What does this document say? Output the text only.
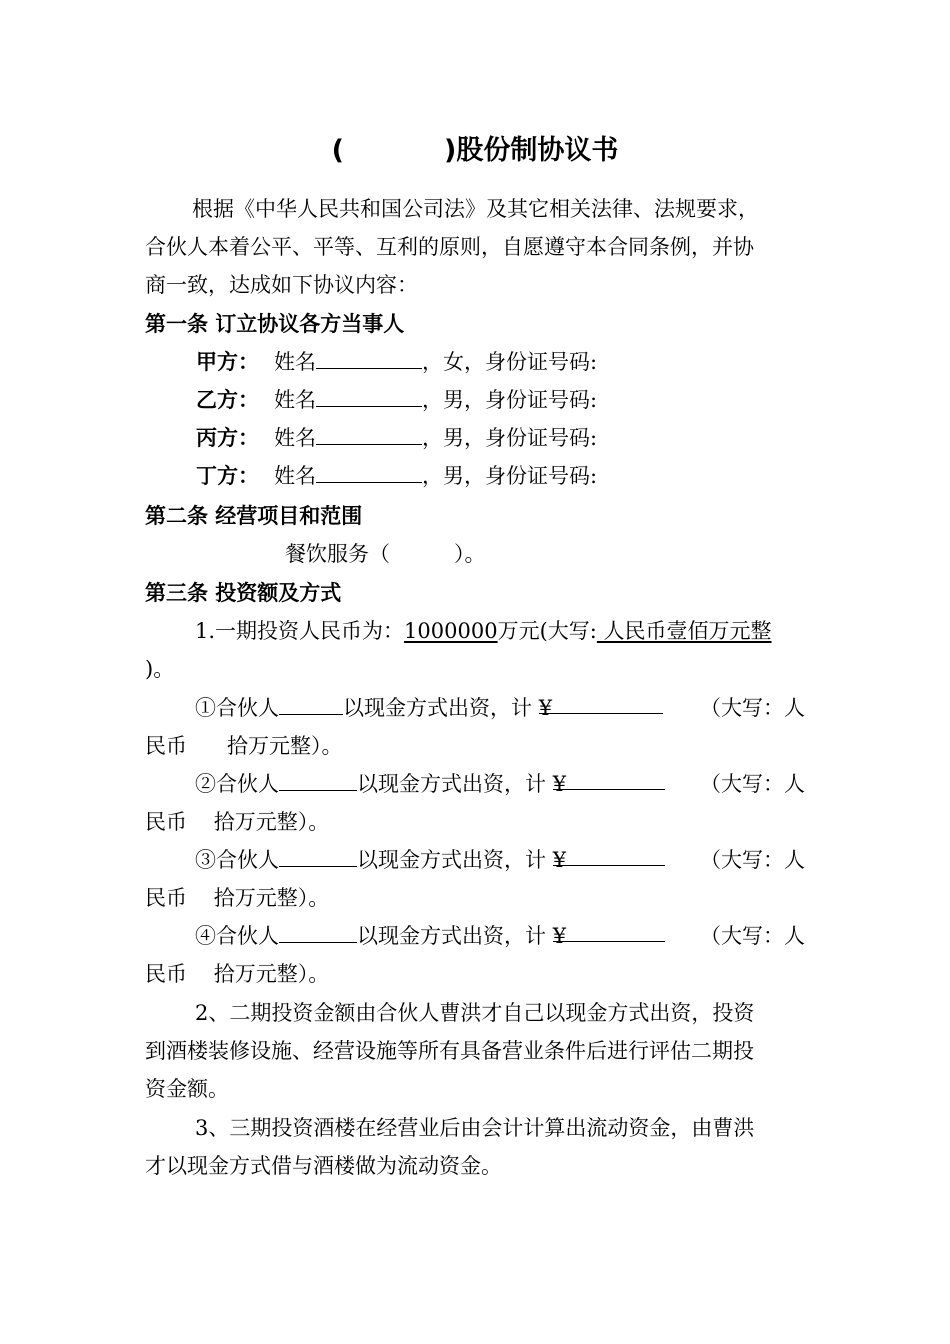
(	)股份制协议书
根据《中华人民共和国公司法》及其它相关法律、法规要求，
合伙人本着公平、平等、互利的原则，自愿遵守本合同条例，并协
商一致，达成如下协议内容：
第一条 订立协议各方当事人
甲方： 姓名	，女，身份证号码:
乙方： 姓名	，男，身份证号码:
丙方： 姓名	，男，身份证号码:
丁方： 姓名	，男，身份证号码:
第二条 经营项目和范围
餐饮服务（	）。
第三条 投资额及方式
1.一期投资人民币为：1000000万元(大写: 人民币壹佰万元整
)。
①合伙人	以现金方式出资，计 ¥	（大写：人
民币      拾万元整）。
②合伙人	以现金方式出资，计 ¥	（大写：人
民币    拾万元整）。
③合伙人	以现金方式出资，计 ¥	（大写：人
民币    拾万元整）。
④合伙人	以现金方式出资，计 ¥	（大写：人
民币    拾万元整）。
2、二期投资金额由合伙人曹洪才自己以现金方式出资，投资
到酒楼装修设施、经营设施等所有具备营业条件后进行评估二期投
资金额。
3、三期投资酒楼在经营业后由会计计算出流动资金，由曹洪
才以现金方式借与酒楼做为流动资金。
